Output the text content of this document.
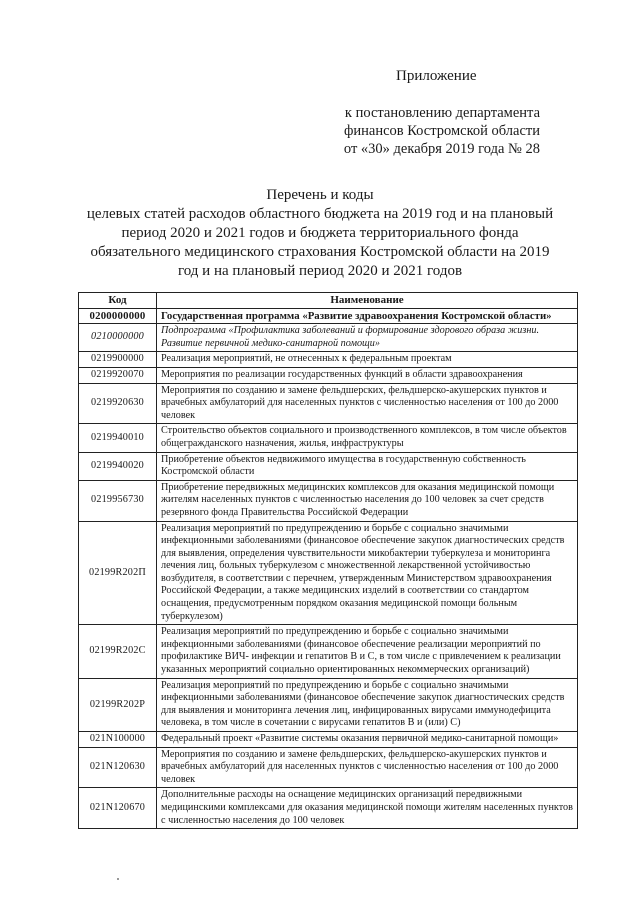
Приложение
к постановлению департамента
финансов Костромской области
от «30» декабря 2019 года № 28
Перечень и коды
целевых статей расходов областного бюджета на 2019 год и на плановый
период 2020 и 2021 годов и бюджета территориального фонда
обязательного медицинского страхования Костромской области на 2019
год и на плановый период 2020 и 2021 годов
Код	Наименование
0200000000	Государственная программа «Развитие здравоохранения Костромской области»
0210000000	Подпрограмма «Профилактика заболеваний и формирование здорового образа жизни. Развитие первичной медико-санитарной помощи»
0219900000	Реализация мероприятий, не отнесенных к федеральным проектам
0219920070	Мероприятия по реализации государственных функций в области здравоохранения
0219920630	Мероприятия по созданию и замене фельдшерских, фельдшерско-акушерских пунктов и врачебных амбулаторий для населенных пунктов с численностью населения от 100 до 2000 человек
0219940010	Строительство объектов социального и производственного комплексов, в том числе объектов общегражданского назначения, жилья, инфраструктуры
0219940020	Приобретение объектов недвижимого имущества в государственную собственность Костромской области
0219956730	Приобретение передвижных медицинских комплексов для оказания медицинской помощи жителям населенных пунктов с численностью населения до 100 человек за счет средств резервного фонда Правительства Российской Федерации
02199R202П	Реализация мероприятий по предупреждению и борьбе с социально значимыми инфекционными заболеваниями (финансовое обеспечение закупок диагностических средств для выявления, определения чувствительности микобактерии туберкулеза и мониторинга лечения лиц, больных туберкулезом с множественной лекарственной устойчивостью возбудителя, в соответствии с перечнем, утвержденным Министерством здравоохранения Российской Федерации, а также медицинских изделий в соответствии со стандартом оснащения, предусмотренным порядком оказания медицинской помощи больным туберкулезом)
02199R202C	Реализация мероприятий по предупреждению и борьбе с социально значимыми инфекционными заболеваниями (финансовое обеспечение реализации мероприятий по профилактике ВИЧ- инфекции и гепатитов В и С, в том числе с привлечением к реализации указанных мероприятий социально ориентированных некоммерческих организаций)
02199R202P	Реализация мероприятий по предупреждению и борьбе с социально значимыми инфекционными заболеваниями (финансовое обеспечение закупок диагностических средств для выявления и мониторинга лечения лиц, инфицированных вирусами иммунодефицита человека, в том числе в сочетании с вирусами гепатитов В и (или) С)
021N100000	Федеральный проект «Развитие системы оказания первичной медико-санитарной помощи»
021N120630	Мероприятия по созданию и замене фельдшерских, фельдшерско-акушерских пунктов и врачебных амбулаторий для населенных пунктов с численностью населения от 100 до 2000 человек
021N120670	Дополнительные расходы на оснащение медицинских организаций передвижными медицинскими комплексами для оказания медицинской помощи жителям населенных пунктов с численностью населения до 100 человек
